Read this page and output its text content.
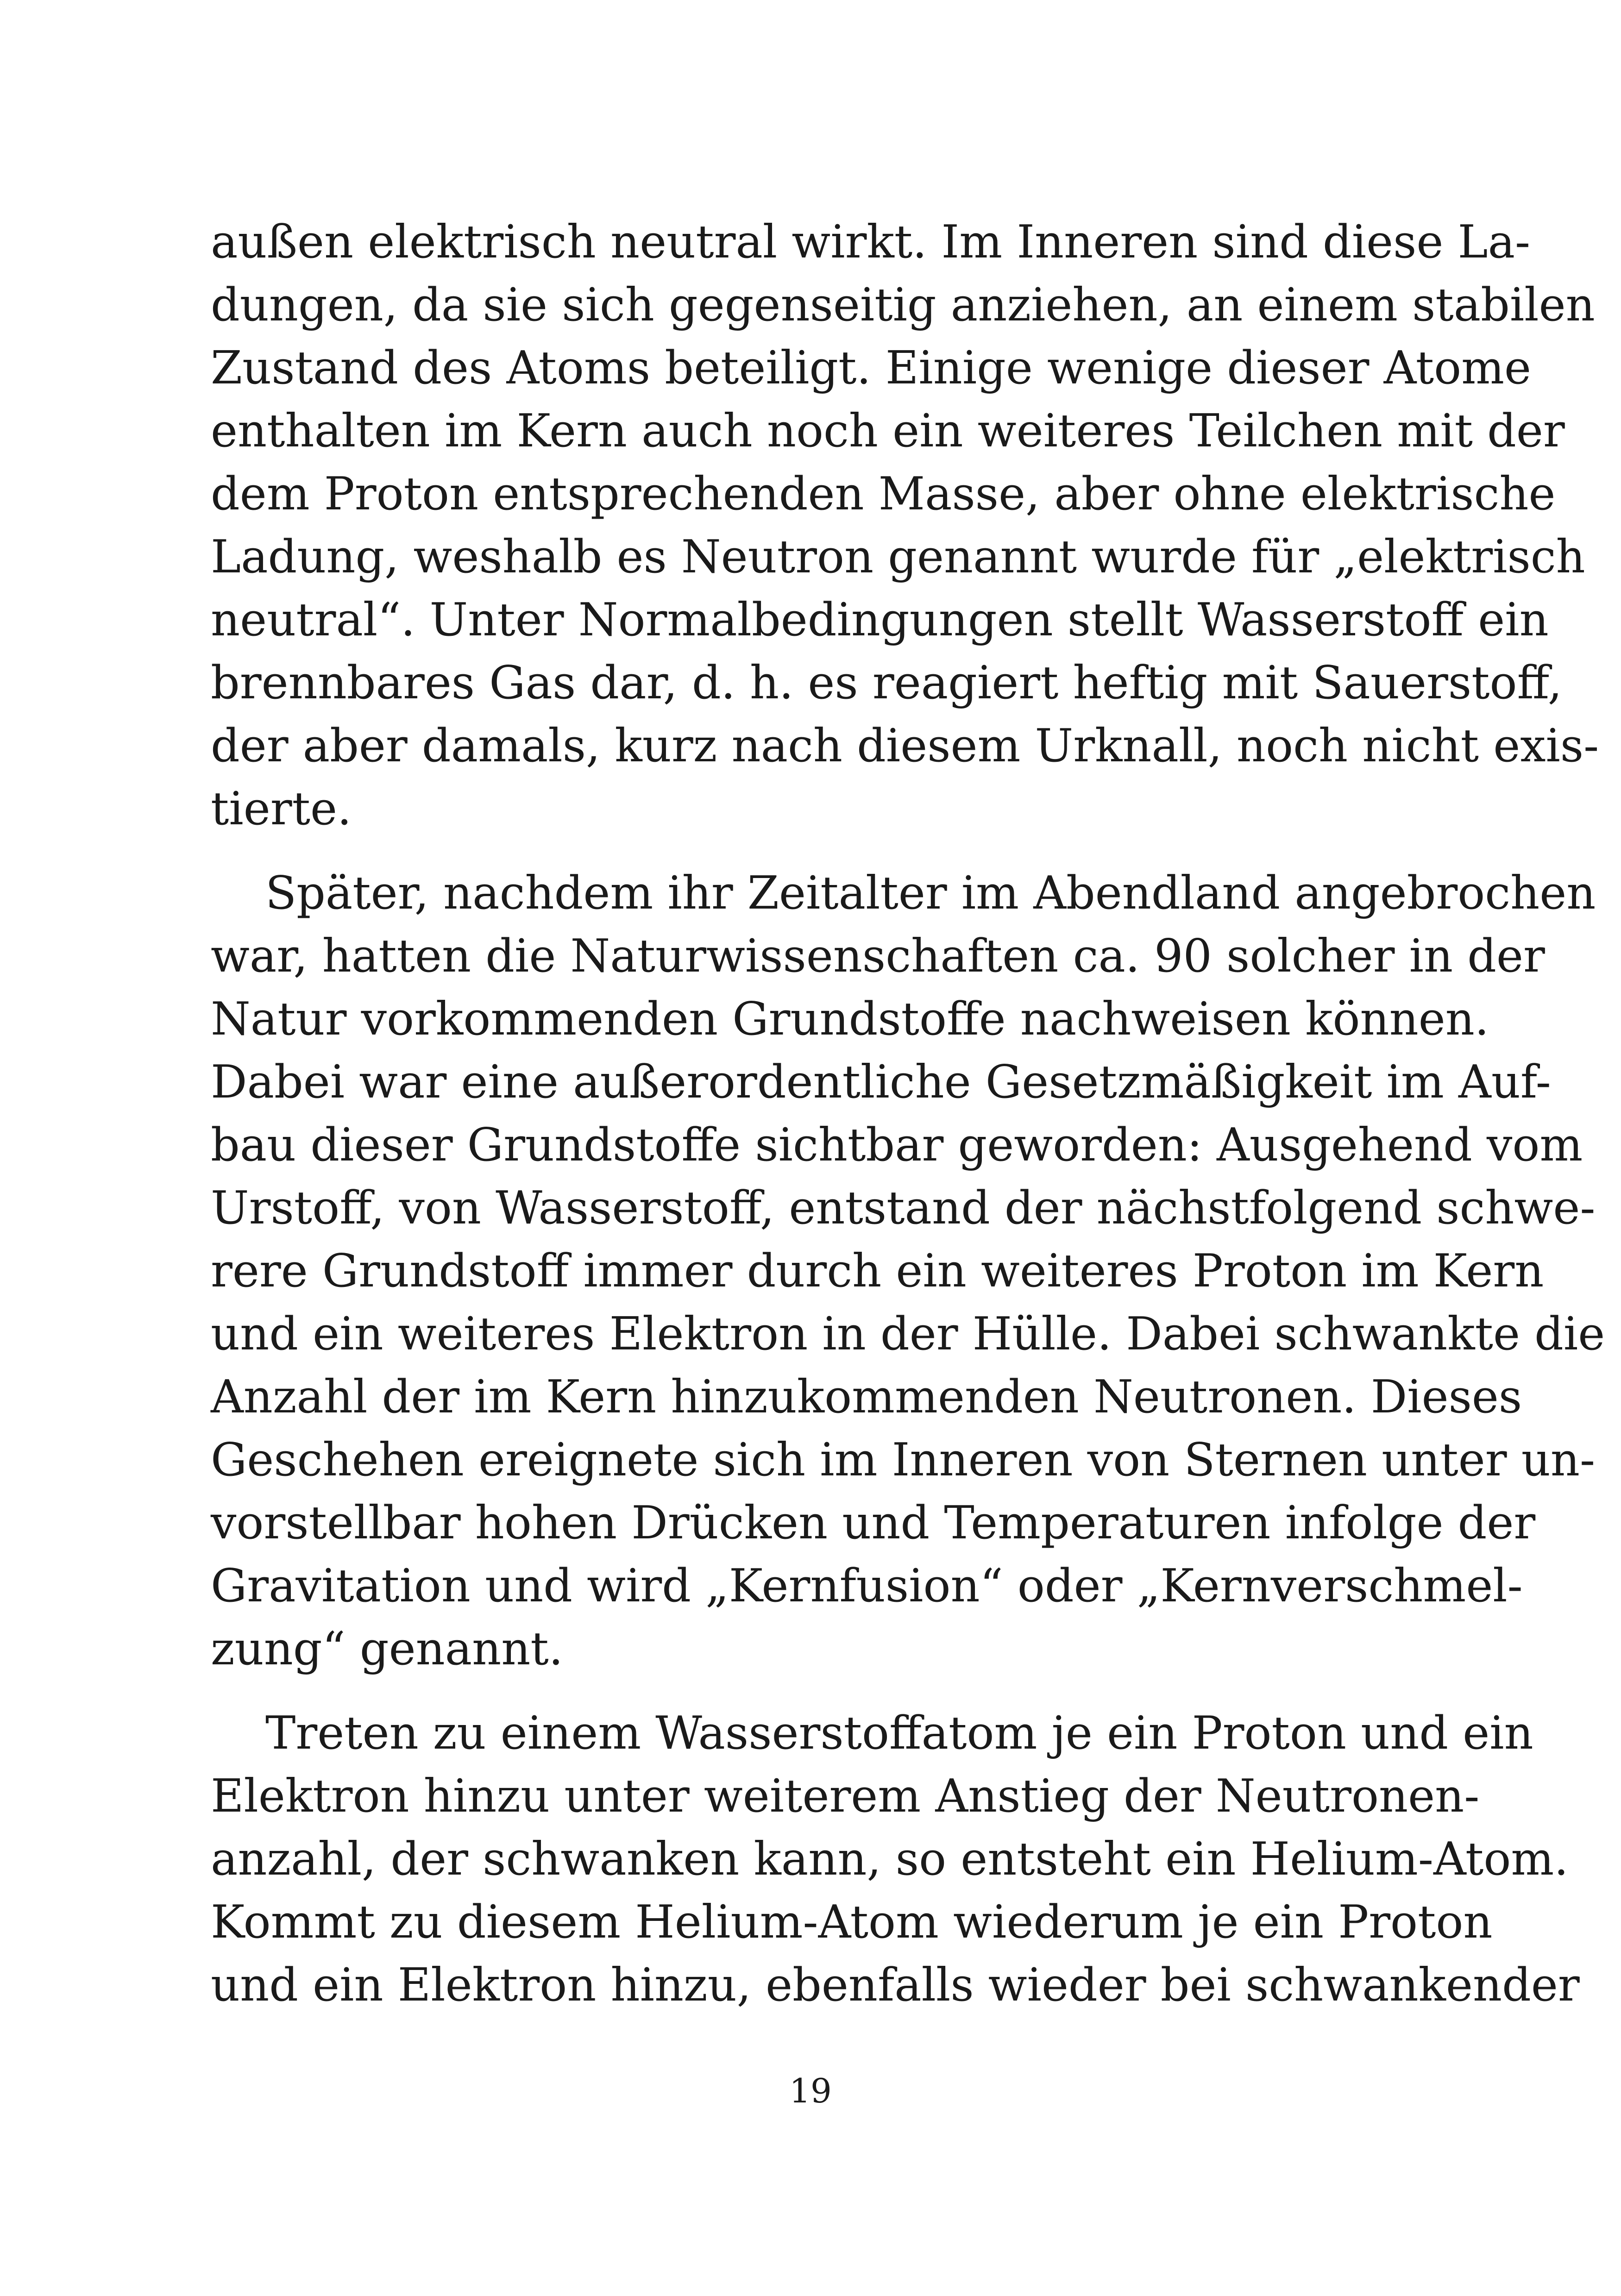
außen elektrisch neutral wirkt. Im Inneren sind diese La-
dungen, da sie sich gegenseitig anziehen, an einem stabilen
Zustand des Atoms beteiligt. Einige wenige dieser Atome
enthalten im Kern auch noch ein weiteres Teilchen mit der
dem Proton entsprechenden Masse, aber ohne elektrische
Ladung, weshalb es Neutron genannt wurde für „elektrisch
neutral“. Unter Normalbedingungen stellt Wasserstoff ein
brennbares Gas dar, d. h. es reagiert heftig mit Sauerstoff,
der aber damals, kurz nach diesem Urknall, noch nicht exis-
tierte.
Später, nachdem ihr Zeitalter im Abendland angebrochen
war, hatten die Naturwissenschaften ca. 90 solcher in der
Natur vorkommenden Grundstoffe nachweisen können.
Dabei war eine außerordentliche Gesetzmäßigkeit im Auf-
bau dieser Grundstoffe sichtbar geworden: Ausgehend vom
Urstoff, von Wasserstoff, entstand der nächstfolgend schwe-
rere Grundstoff immer durch ein weiteres Proton im Kern
und ein weiteres Elektron in der Hülle. Dabei schwankte die
Anzahl der im Kern hinzukommenden Neutronen. Dieses
Geschehen ereignete sich im Inneren von Sternen unter un-
vorstellbar hohen Drücken und Temperaturen infolge der
Gravitation und wird „Kernfusion“ oder „Kernverschmel-
zung“ genannt.
Treten zu einem Wasserstoffatom je ein Proton und ein
Elektron hinzu unter weiterem Anstieg der Neutronen-
anzahl, der schwanken kann, so entsteht ein Helium-Atom.
Kommt zu diesem Helium-Atom wiederum je ein Proton
und ein Elektron hinzu, ebenfalls wieder bei schwankender
19
